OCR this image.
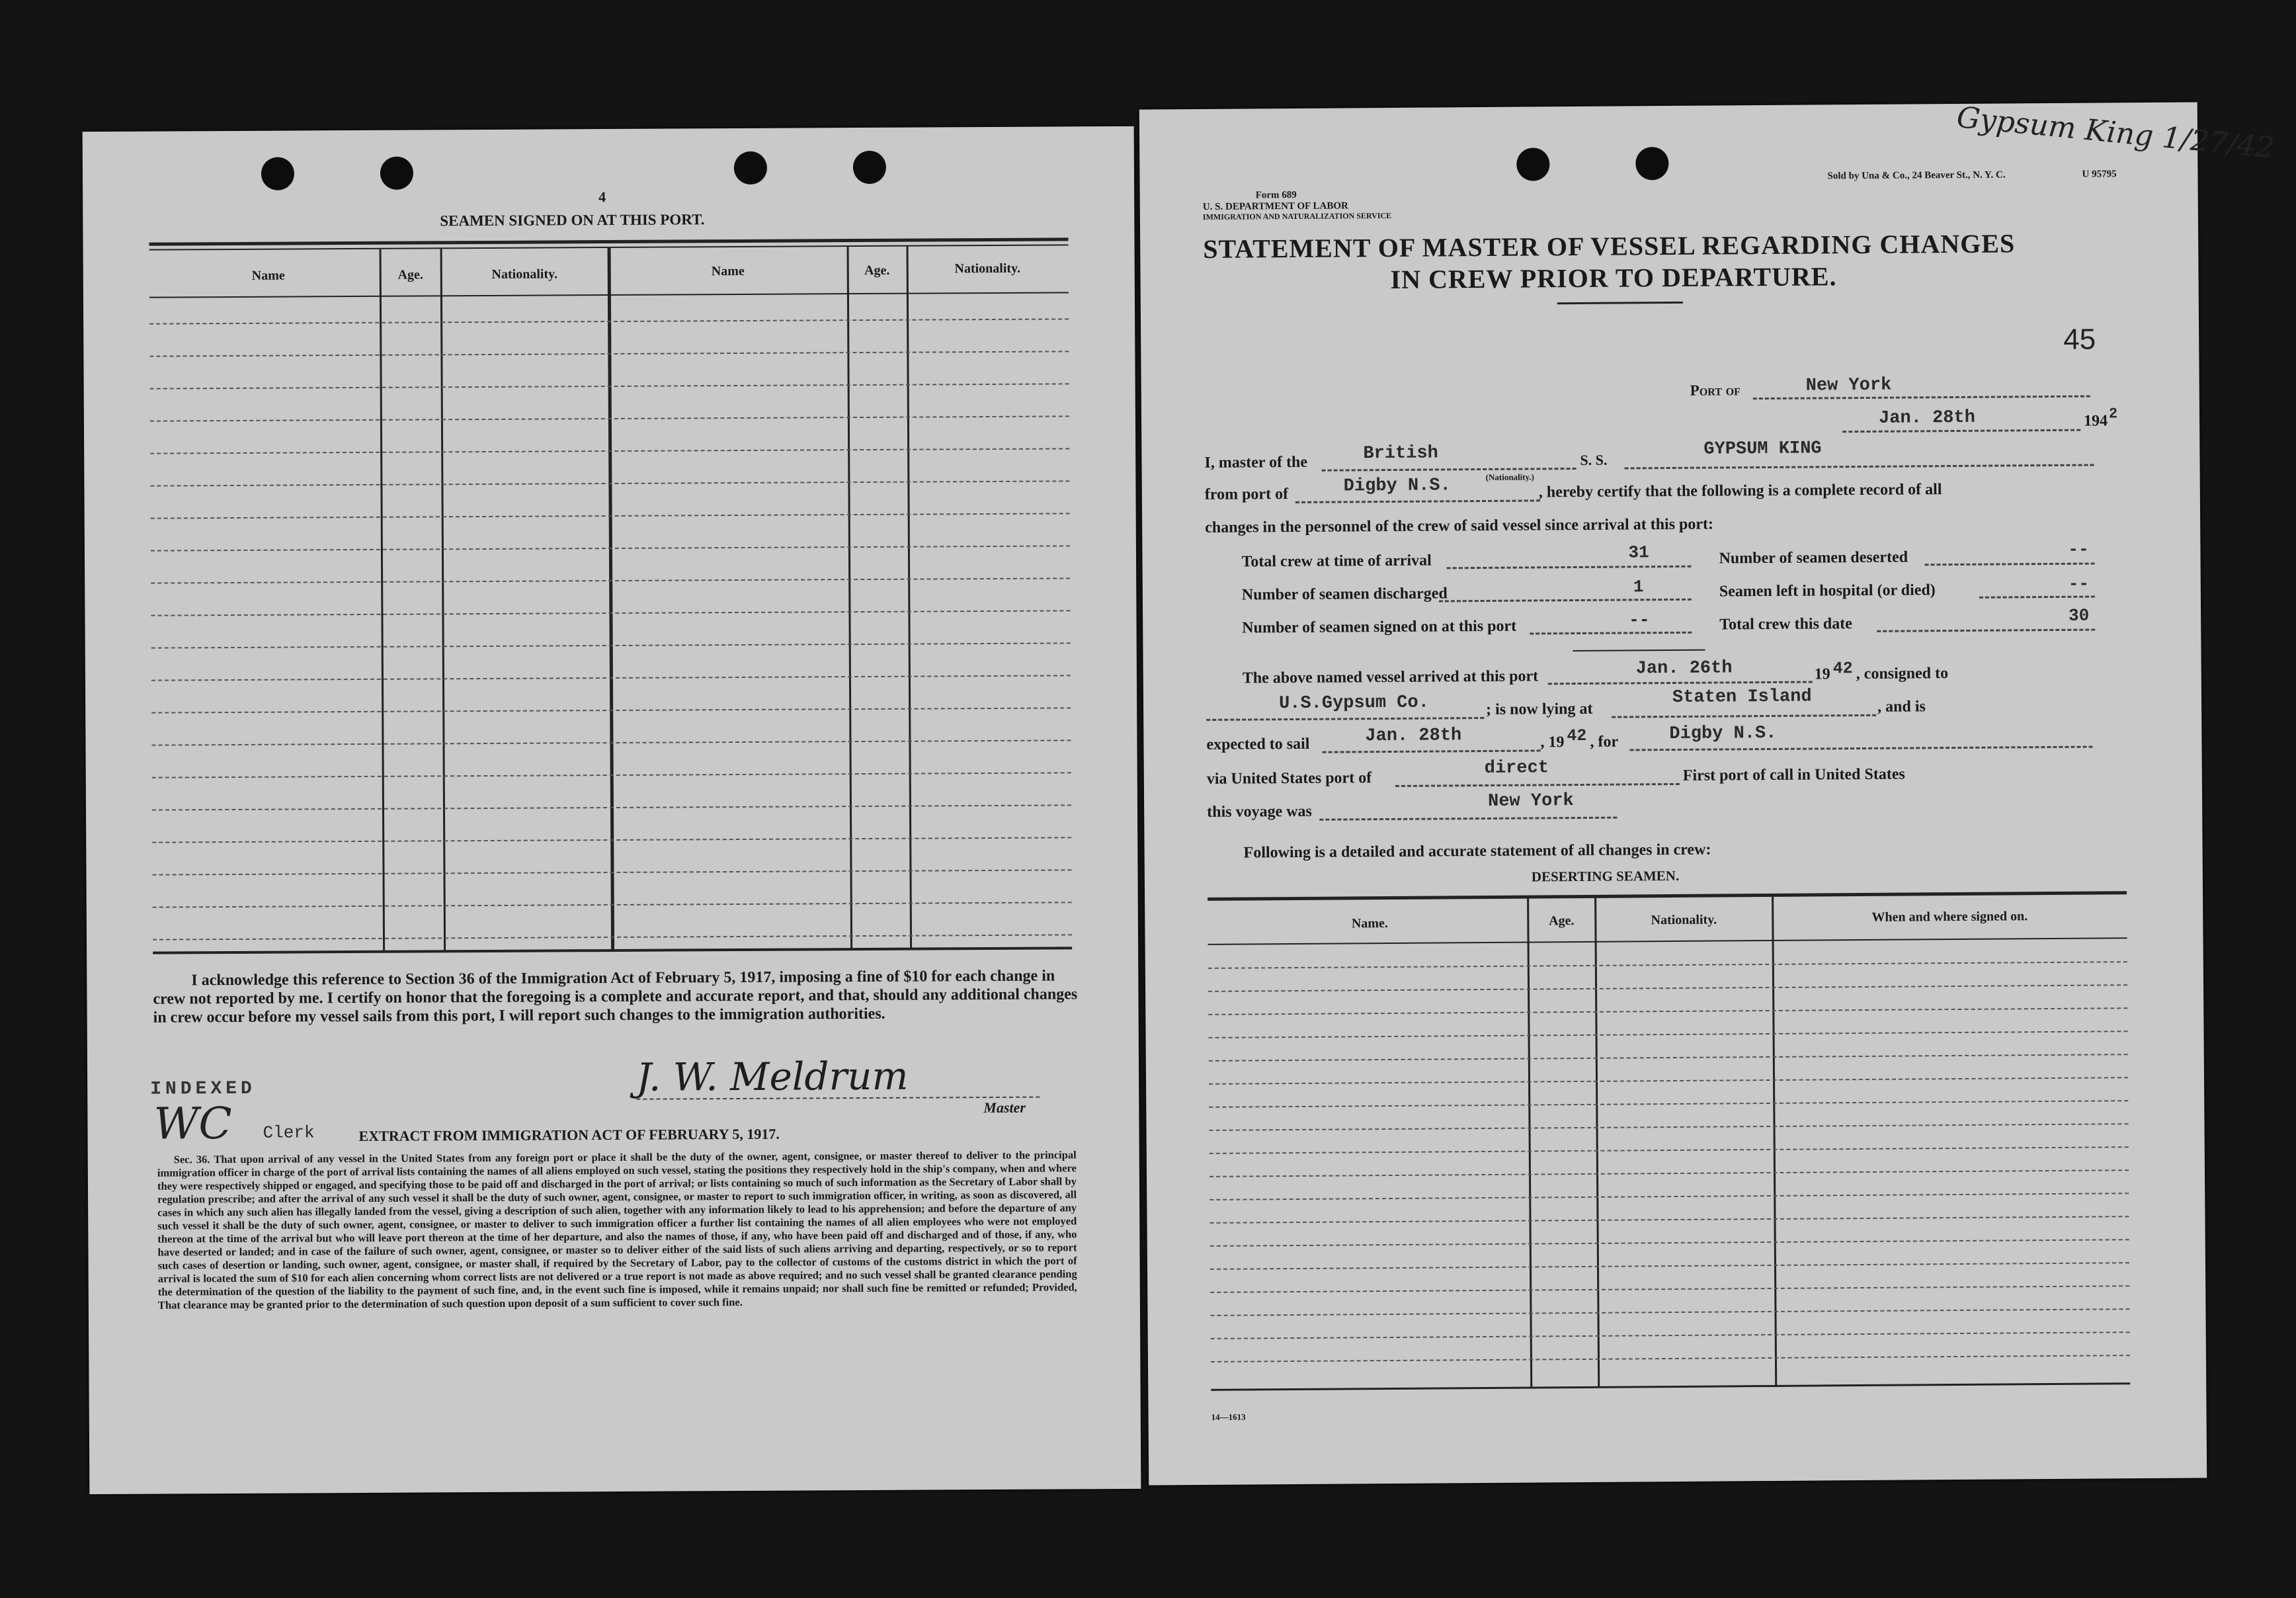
4
SEAMEN SIGNED ON AT THIS PORT.
Name	Age.	Nationality.	Name	Age.	Nationality.
I acknowledge this reference to Section 36 of the Immigration Act of February 5, 1917, imposing a fine of $10 for each change in crew not reported by me. I certify on honor that the foregoing is a complete and accurate report, and that, should any additional changes in crew occur before my vessel sails from this port, I will report such changes to the immigration authorities.
INDEXED
WC Clerk
J. W. Meldrum
Master
EXTRACT FROM IMMIGRATION ACT OF FEBRUARY 5, 1917.
Sec. 36. That upon arrival of any vessel in the United States from any foreign port or place it shall be the duty of the owner, agent, consignee, or master thereof to deliver to the principal immigration officer in charge of the port of arrival lists containing the names of all aliens employed on such vessel, stating the positions they respectively hold in the ship's company, when and where they were respectively shipped or engaged, and specifying those to be paid off and discharged in the port of arrival; or lists containing so much of such information as the Secretary of Labor shall by regulation prescribe; and after the arrival of any such vessel it shall be the duty of such owner, agent, consignee, or master to report to such immigration officer, in writing, as soon as discovered, all cases in which any such alien has illegally landed from the vessel, giving a description of such alien, together with any information likely to lead to his apprehension; and before the departure of any such vessel it shall be the duty of such owner, agent, consignee, or master to deliver to such immigration officer a further list containing the names of all alien employees who were not employed thereon at the time of the arrival but who will leave port thereon at the time of her departure, and also the names of those, if any, who have been paid off and discharged and of those, if any, who have deserted or landed; and in case of the failure of such owner, agent, consignee, or master so to deliver either of the said lists of such aliens arriving and departing, respectively, or so to report such cases of desertion or landing, such owner, agent, consignee, or master shall, if required by the Secretary of Labor, pay to the collector of customs of the customs district in which the port of arrival is located the sum of $10 for each alien concerning whom correct lists are not delivered or a true report is not made as above required; and no such vessel shall be granted clearance pending the determination of the question of the liability to the payment of such fine, and, in the event such fine is imposed, while it remains unpaid; nor shall such fine be remitted or refunded; Provided, That clearance may be granted prior to the determination of such question upon deposit of a sum sufficient to cover such fine.
Gypsum King 1/27/42
Sold by Una & Co., 24 Beaver St., N. Y. C.	U 95795
Form 689
U. S. DEPARTMENT OF LABOR
IMMIGRATION AND NATURALIZATION SERVICE
STATEMENT OF MASTER OF VESSEL REGARDING CHANGES
IN CREW PRIOR TO DEPARTURE.
45
Port of	New York
Jan. 28th	194 2
I, master of the	British
(Nationality.)
S. S.
GYPSUM KING
from port of	Digby N.S.	, hereby certify that the following is a complete record of all
changes in the personnel of the crew of said vessel since arrival at this port:
Total crew at time of arrival	31
Number of seamen discharged	1
Number of seamen signed on at this port	--
Number of seamen deserted	--
Seamen left in hospital (or died)	--
Total crew this date	30
The above named vessel arrived at this port	Jan. 26th	19 42 , consigned to
U.S.Gypsum Co.	; is now lying at
Staten Island	, and is
expected to sail	Jan. 28th	, 19 42 , for	Digby N.S.
via United States port of
direct	First port of call in United States
this voyage was
New York
Following is a detailed and accurate statement of all changes in crew:
DESERTING SEAMEN.
Name.	Age.	Nationality.	When and where signed on.
14—1613
